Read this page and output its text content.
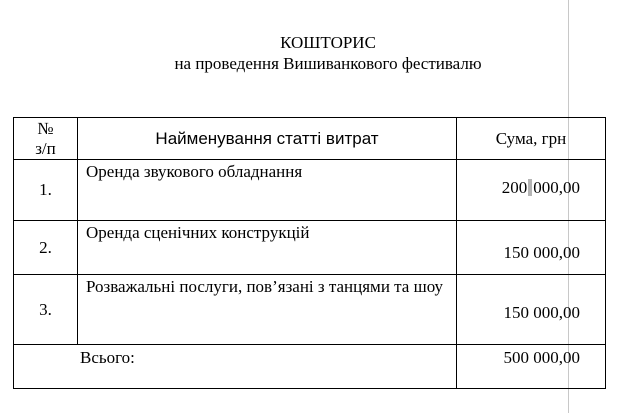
КОШТОРИС
на проведення Вишиванкового фестивалю
№
з/п	Найменування статті витрат	Сума, грн
1.	Оренда звукового обладнання	200 000,00
2.	Оренда сценічних конструкцій	150 000,00
3.	Розважальні послуги, пов’язані з танцями та шоу	150 000,00
Всього:		500 000,00
